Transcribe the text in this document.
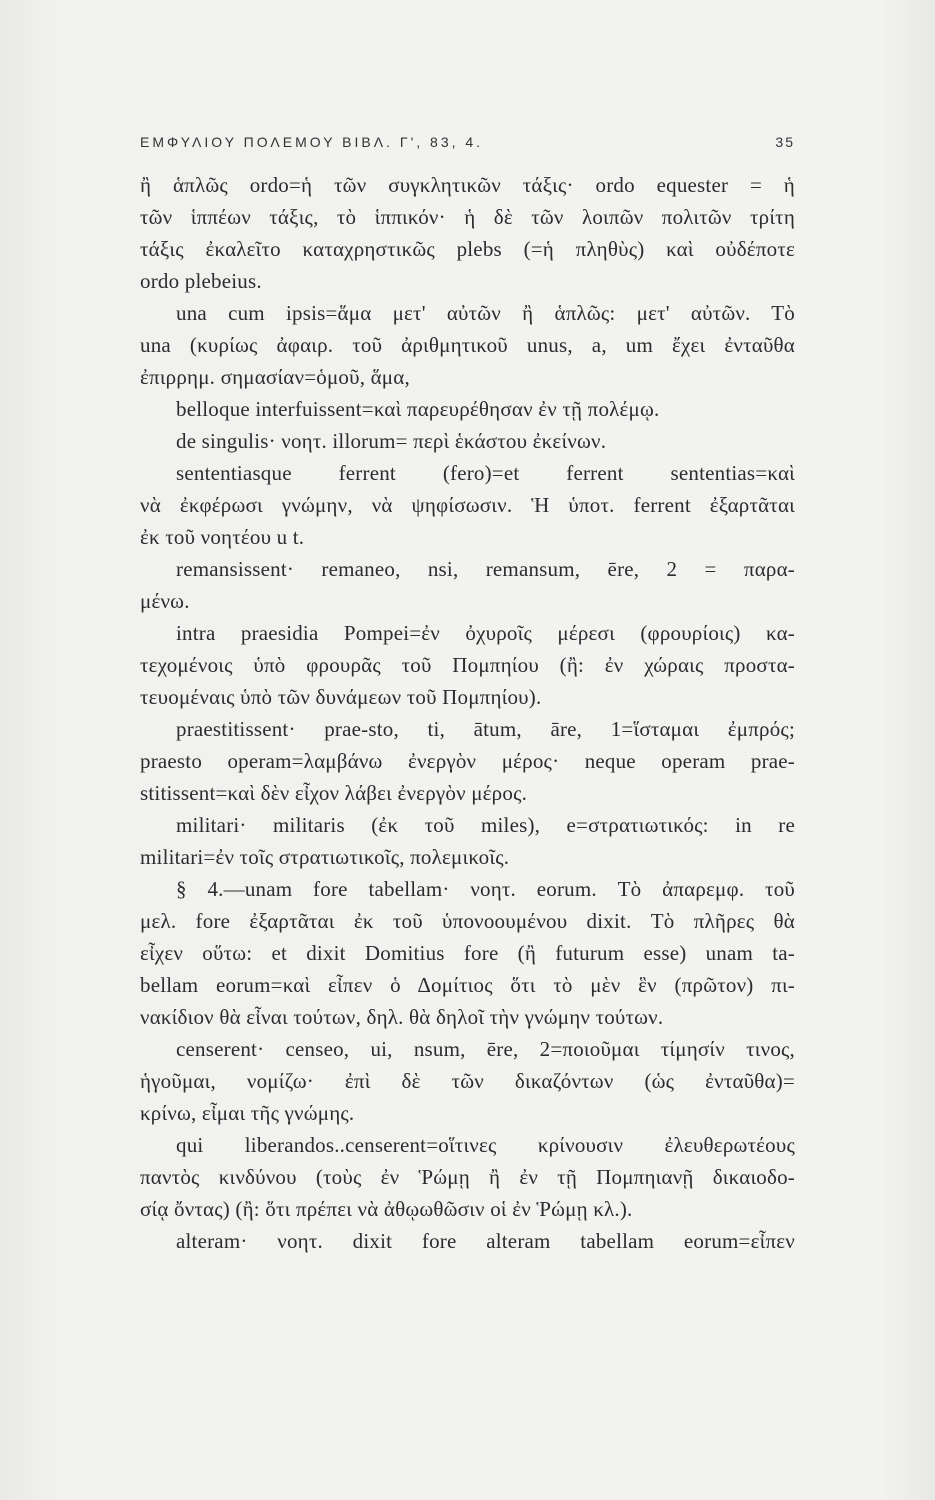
ΕΜΦΥΛΙΟΥ ΠΟΛΕΜΟΥ ΒΙΒΛ. Γ', 83, 4.	35
ἢ ἁπλῶς ordo=ἡ τῶν συγκλητικῶν τάξις· ordo equester = ἡ
τῶν ἱππέων τάξις, τὸ ἱππικόν· ἡ δὲ τῶν λοιπῶν πολιτῶν τρίτη
τάξις ἐκαλεῖτο καταχρηστικῶς plebs (=ἡ πληθὺς) καὶ οὐδέποτε
ordo plebeius.
una cum ipsis=ἅμα μετ' αὐτῶν ἢ ἁπλῶς: μετ' αὐτῶν. Τὸ
una (κυρίως ἀφαιρ. τοῦ ἀριθμητικοῦ unus, a, um ἔχει ἐνταῦθα
ἐπιρρημ. σημασίαν=ὁμοῦ, ἅμα,
belloque interfuissent=καὶ παρευρέθησαν ἐν τῇ πολέμῳ.
de singulis· νοητ. illorum= περὶ ἑκάστου ἐκείνων.
sententiasque ferrent (fero)=et ferrent sententias=καὶ
νὰ ἐκφέρωσι γνώμην, νὰ ψηφίσωσιν. Ἡ ὑποτ. ferrent ἐξαρτᾶται
ἐκ τοῦ νοητέου u t.
remansissent· remaneo, nsi, remansum, ēre, 2 = παρα-
μένω.
intra praesidia Pompei=ἐν ὀχυροῖς μέρεσι (φρουρίοις) κα-
τεχομένοις ὑπὸ φρουρᾶς τοῦ Πομπηίου (ἢ: ἐν χώραις προστα-
τευομέναις ὑπὸ τῶν δυνάμεων τοῦ Πομπηίου).
praestitissent· prae-sto, ti, ātum, āre, 1=ἵσταμαι ἐμπρός;
praesto operam=λαμβάνω ἐνεργὸν μέρος· neque operam prae-
stitissent=καὶ δὲν εἶχον λάβει ἐνεργὸν μέρος.
militari· militaris (ἐκ τοῦ miles), e=στρατιωτικός: in re
militari=ἐν τοῖς στρατιωτικοῖς, πολεμικοῖς.
§ 4.—unam fore tabellam· νοητ. eorum. Τὸ ἀπαρεμφ. τοῦ
μελ. fore ἐξαρτᾶται ἐκ τοῦ ὑπονοουμένου dixit. Τὸ πλῆρες θὰ
εἶχεν οὕτω: et dixit Domitius fore (ἢ futurum esse) unam ta-
bellam eorum=καὶ εἶπεν ὁ Δομίτιος ὅτι τὸ μὲν ἓν (πρῶτον) πι-
νακίδιον θὰ εἶναι τούτων, δηλ. θὰ δηλοῖ τὴν γνώμην τούτων.
censerent· censeo, ui, nsum, ēre, 2=ποιοῦμαι τίμησίν τινος,
ἡγοῦμαι, νομίζω· ἐπὶ δὲ τῶν δικαζόντων (ὡς ἐνταῦθα)=
κρίνω, εἶμαι τῆς γνώμης.
qui liberandos..censerent=οἵτινες κρίνουσιν ἐλευθερωτέους
παντὸς κινδύνου (τοὺς ἐν Ῥώμῃ ἢ ἐν τῇ Πομπηιανῇ δικαιοδο-
σίᾳ ὄντας) (ἢ: ὅτι πρέπει νὰ ἀθῳωθῶσιν οἱ ἐν Ῥώμῃ κλ.).
alteram· νοητ. dixit fore alteram tabellam eorum=εἶπεν
